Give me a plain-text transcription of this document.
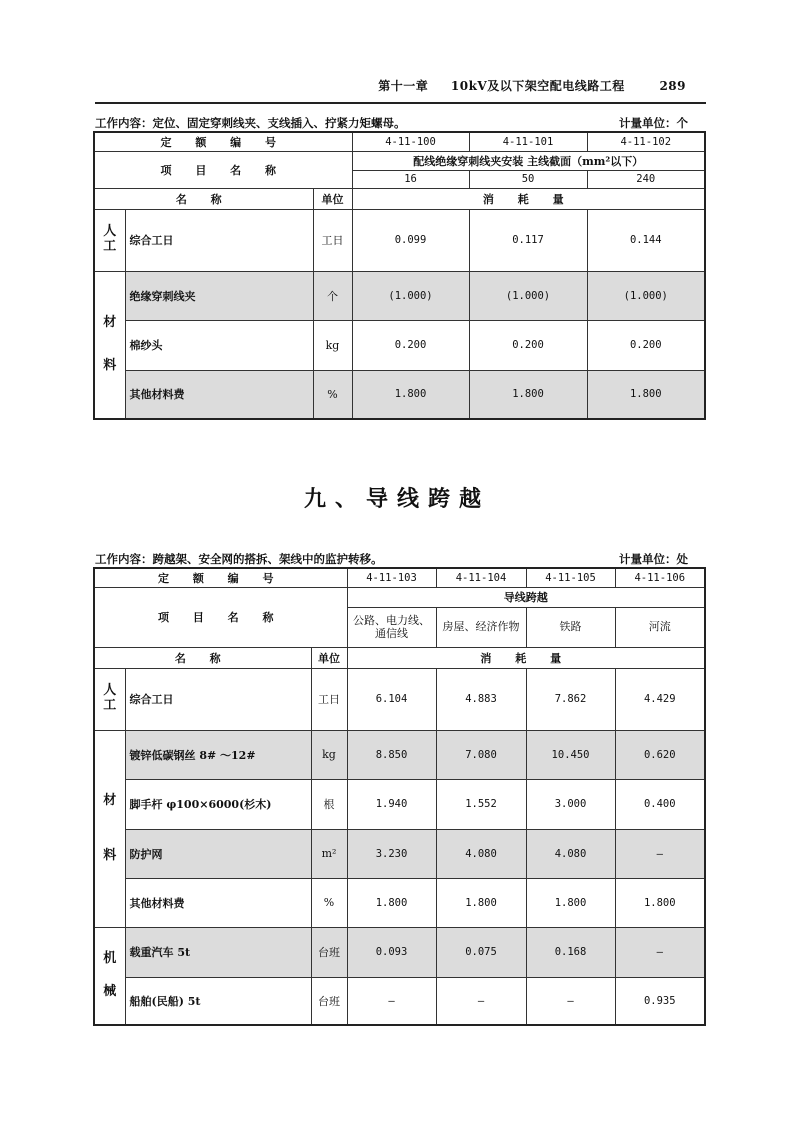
第十一章 10kV及以下架空配电线路工程	289
工作内容：定位、固定穿刺线夹、支线插入、拧紧力矩螺母。	计量单位：个
定 额 编 号			4-11-100	4-11-101	4-11-102
项 目 名 称			配线绝缘穿刺线夹安装 主线截面（mm²以下）		
			16	50	240
名 称		单位	消 耗 量		

人
工	综合工日	工日	0.099	0.117	0.144

材
料	绝缘穿刺线夹	个	(1.000)	(1.000)	(1.000)
	棉纱头	kg	0.200	0.200	0.200
	其他材料费	%	1.800	1.800	1.800
九、导线跨越
工作内容：跨越架、安全网的搭拆、架线中的监护转移。	计量单位：处
定 额 编 号			4-11-103	4-11-104	4-11-105	4-11-106
项 目 名 称			导线跨越			
			公路、电力线、通信线	房屋、经济作物	铁路	河流
名 称		单位	消 耗 量			

人
工	综合工日	工日	6.104	4.883	7.862	4.429

材
料	镀锌低碳钢丝 8# ～12#	kg	8.850	7.080	10.450	0.620
	脚手杆 φ100×6000(杉木)	根	1.940	1.552	3.000	0.400
	防护网	m²	3.230	4.080	4.080	—
	其他材料费	%	1.800	1.800	1.800	1.800

机
械	载重汽车 5t	台班	0.093	0.075	0.168	—
	船舶(民船) 5t	台班	—	—	—	0.935
